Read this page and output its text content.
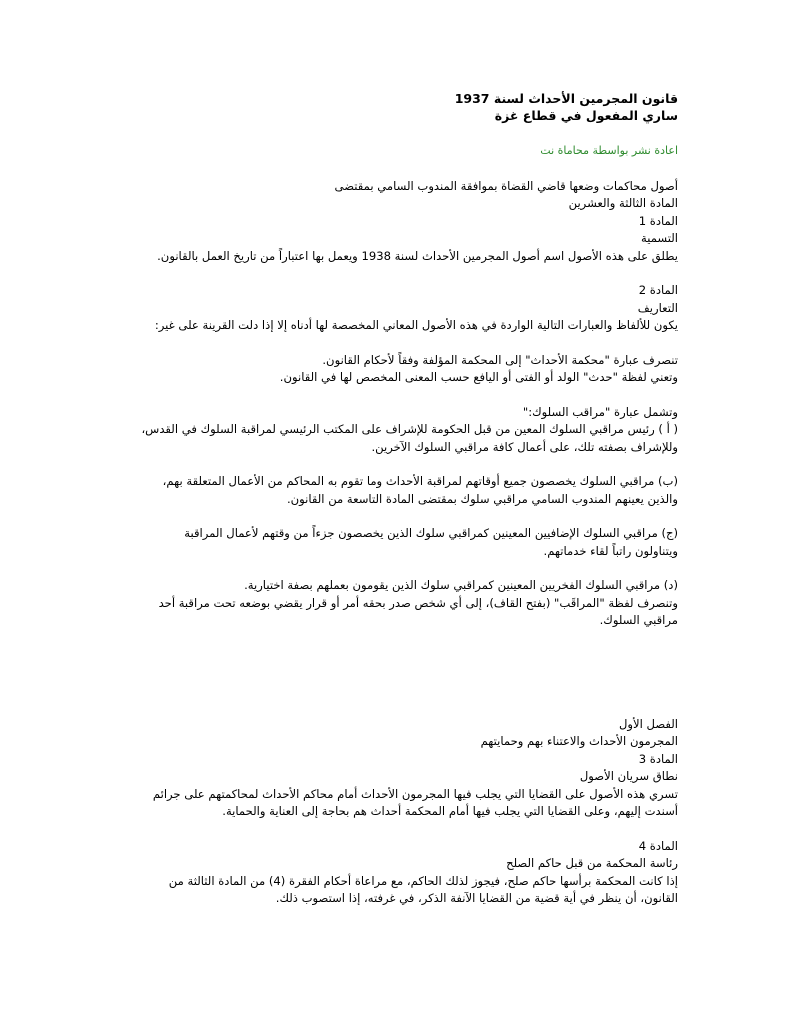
قانون المجرمين الأحداث لسنة 1937
ساري المفعول في قطاع غزة
اعادة نشر بواسطة محاماة نت
أصول محاكمات وضعها قاضي القضاة بموافقة المندوب السامي بمقتضى
المادة الثالثة والعشرين
المادة 1
التسمية
يطلق على هذه الأصول اسم أصول المجرمين الأحداث لسنة 1938 ويعمل بها اعتباراً من تاريخ العمل بالقانون.
المادة 2
التعاريف
يكون للألفاظ والعبارات التالية الواردة في هذه الأصول المعاني المخصصة لها أدناه إلا إذا دلت القرينة على غير:
تنصرف عبارة "محكمة الأحداث" إلى المحكمة المؤلفة وفقاً لأحكام القانون.
وتعني لفظة "حدث" الولد أو الفتى أو اليافع حسب المعنى المخصص لها في القانون.
وتشمل عبارة "مراقب السلوك:"
( أ ) رئيس مراقبي السلوك المعين من قبل الحكومة للإشراف على المكتب الرئيسي لمراقبة السلوك في القدس، وللإشراف بصفته تلك، على أعمال كافة مراقبي السلوك الآخرين.
(ب) مراقبي السلوك يخصصون جميع أوقاتهم لمراقبة الأحداث وما تقوم به المحاكم من الأعمال المتعلقة بهم، والذين يعينهم المندوب السامي مراقبي سلوك بمقتضى المادة التاسعة من القانون.
(ج) مراقبي السلوك الإضافيين المعينين كمراقبي سلوك الذين يخصصون جزءاً من وقتهم لأعمال المراقبة ويتناولون راتباً لقاء خدماتهم.
(د) مراقبي السلوك الفخريين المعينين كمراقبي سلوك الذين يقومون بعملهم بصفة اختيارية.
وتنصرف لفظة "المراقَب" (بفتح القاف)، إلى أي شخص صدر بحقه أمر أو قرار يقضي بوضعه تحت مراقبة أحد مراقبي السلوك.
الفصل الأول
المجرمون الأحداث والاعتناء بهم وحمايتهم
المادة 3
نطاق سريان الأصول
تسري هذه الأصول على القضايا التي يجلب فيها المجرمون الأحداث أمام محاكم الأحداث لمحاكمتهم على جرائم أسندت إليهم، وعلى القضايا التي يجلب فيها أمام المحكمة أحداث هم بحاجة إلى العناية والحماية.
المادة 4
رئاسة المحكمة من قبل حاكم الصلح
إذا كانت المحكمة برأسها حاكم صلح، فيجوز لذلك الحاكم، مع مراعاة أحكام الفقرة (4) من المادة الثالثة من القانون، أن ينظر في أية قضية من القضايا الآنفة الذكر، في غرفته، إذا استصوب ذلك.
